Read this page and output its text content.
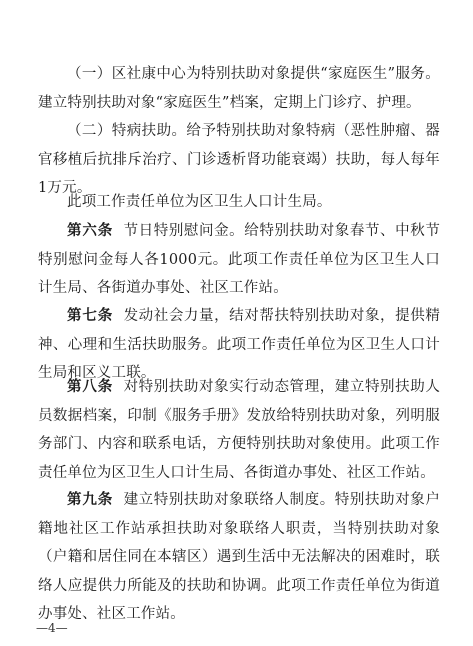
（一）区社康中心为特别扶助对象提供“家庭医生”服务。建立特别扶助对象“家庭医生”档案，定期上门诊疗、护理。

（二）特病扶助。给予特别扶助对象特病（恶性肿瘤、器官移植后抗排斥治疗、门诊透析肾功能衰竭）扶助，每人每年1万元。

此项工作责任单位为区卫生人口计生局。

第六条 节日特别慰问金。给特别扶助对象春节、中秋节特别慰问金每人各1000元。此项工作责任单位为区卫生人口计生局、各街道办事处、社区工作站。

第七条 发动社会力量，结对帮扶特别扶助对象，提供精神、心理和生活扶助服务。此项工作责任单位为区卫生人口计生局和区义工联。

第八条 对特别扶助对象实行动态管理，建立特别扶助人员数据档案，印制《服务手册》发放给特别扶助对象，列明服务部门、内容和联系电话，方便特别扶助对象使用。此项工作责任单位为区卫生人口计生局、各街道办事处、社区工作站。

第九条 建立特别扶助对象联络人制度。特别扶助对象户籍地社区工作站承担扶助对象联络人职责，当特别扶助对象（户籍和居住同在本辖区）遇到生活中无法解决的困难时，联络人应提供力所能及的扶助和协调。此项工作责任单位为街道办事处、社区工作站。

—4—
